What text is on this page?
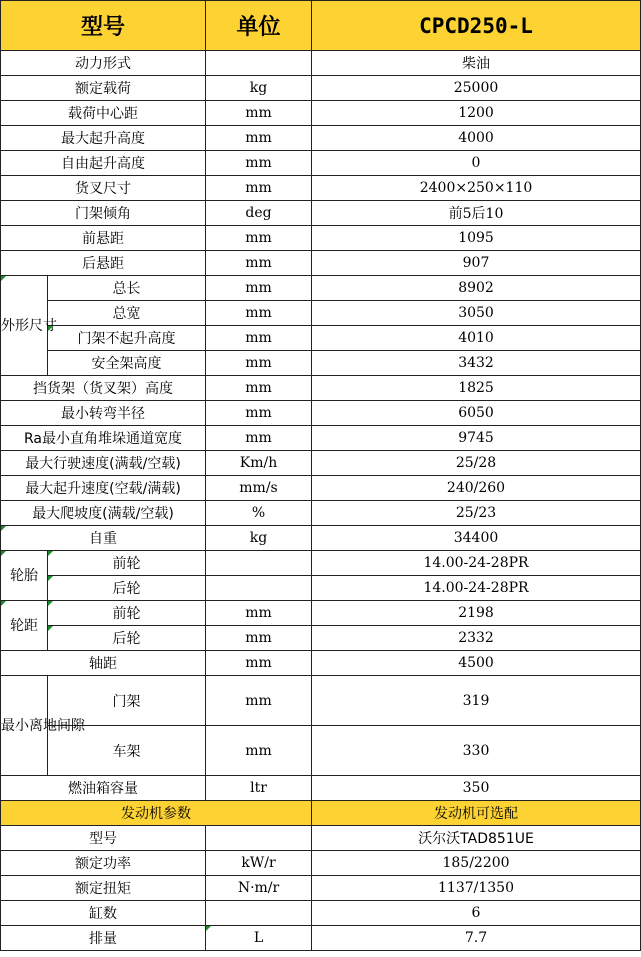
型号		单位	CPCD250-L
动力形式			柴油
额定载荷		kg	25000
载荷中心距		mm	1200
最大起升高度		mm	4000
自由起升高度		mm	0
货叉尺寸		mm	2400×250×110
门架倾角		deg	前5后10
前悬距		mm	1095
后悬距		mm	907
外形尺寸	总长	mm	8902
	总宽	mm	3050
	门架不起升高度	mm	4010
	安全架高度	mm	3432
挡货架（货叉架）高度		mm	1825
最小转弯半径		mm	6050
Ra最小直角堆垛通道宽度		mm	9745
最大行驶速度(满载/空载)		Km/h	25/28
最大起升速度(空载/满载)		mm/s	240/260
最大爬坡度(满载/空载)		%	25/23
自重		kg	34400
轮胎	前轮		14.00-24-28PR
	后轮		14.00-24-28PR
轮距	前轮	mm	2198
	后轮	mm	2332
轴距		mm	4500
最小离地间隙	门架	mm	319
	车架	mm	330
燃油箱容量		ltr	350
发动机参数			发动机可选配
型号			沃尔沃TAD851UE
额定功率		kW/r	185/2200
额定扭矩		N·m/r	1137/1350
缸数			6
排量		L	7.7
